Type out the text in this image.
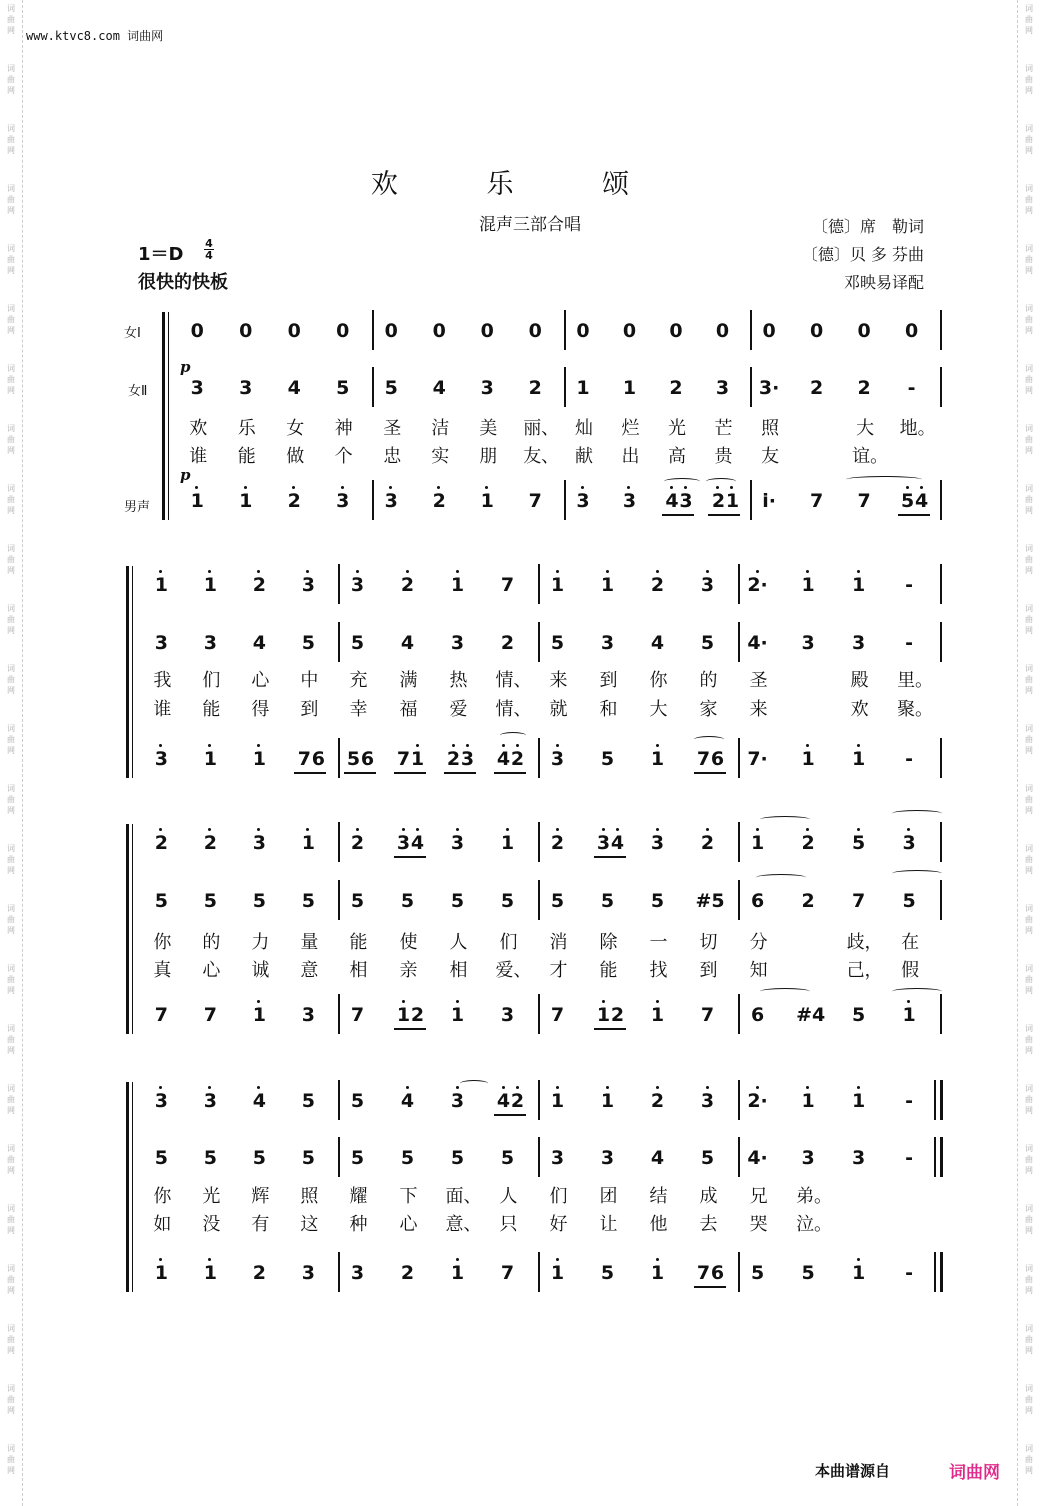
www.ktvc8.com 词曲网
词
曲
网
词
曲
网
词
曲
网
词
曲
网
词
曲
网
词
曲
网
词
曲
网
词
曲
网
词
曲
网
词
曲
网
词
曲
网
词
曲
网
词
曲
网
词
曲
网
词
曲
网
词
曲
网
词
曲
网
词
曲
网
词
曲
网
词
曲
网
词
曲
网
词
曲
网
词
曲
网
词
曲
网
词
曲
网
词
曲
网
词
曲
网
词
曲
网
词
曲
网
词
曲
网
词
曲
网
词
曲
网
词
曲
网
词
曲
网
词
曲
网
词
曲
网
词
曲
网
词
曲
网
词
曲
网
词
曲
网
词
曲
网
词
曲
网
词
曲
网
词
曲
网
词
曲
网
词
曲
网
词
曲
网
词
曲
网
词
曲
网
词
曲
网
欢 乐 颂
混声三部合唱	〔德〕席　勒词
〔德〕贝 多 芬曲
邓映易译配
1＝D
4
4
很快的快板
女Ⅰ
女Ⅱ
男声
p
p
0 0 0 0 0 0 0 0 0 0 0 0 0 0 0 0
3 3 4 5 5 4 3 2 1 1 2 3 3· 2 2	-
1 1 2 3 3 2 1 7 3 3 4 3 2 1 i· 7 7 5 4
欢 乐 女 神 圣 洁 美 丽、 灿 烂 光 芒 照	大 地。
谁 能 做 个 忠 实 朋 友、 献 出 高 贵 友	谊。
1 1 2 3 3 2 1 7 1 1 2 3 2· 1 1	-
3 3 4 5 5 4 3 2 5 3 4 5 4· 3 3	-
3 1 1 7 6 5 6 7 1 2 3 4 2 3 5 1 7 6 7· 1 1	-
我 们 心 中 充 满 热 情、 来 到 你 的 圣	殿 里。
谁 能 得 到 幸 福 爱 情、 就 和 大 家 来	欢 聚。
2 2 3 1 2 3 4 3 1 2 3 4 3 2 1 2 5 3
5 5 5 5 5 5 5 5 5 5 5 #5 6 2 7 5
7 7 1 3 7 1 2 1 3 7 1 2 1 7 6 #4 5 1
你 的 力 量 能 使 人 们 消 除 一 切 分	歧， 在
真 心 诚 意 相 亲 相 爱、 才 能 找 到 知	己， 假
3 3 4 5 5 4 3 4 2 1 1 2 3 2· 1 1	-
5 5 5 5 5 5 5 5 3 3 4 5 4· 3 3	-
1 1 2 3 3 2 1 7 1 5 1 7 6 5 5 1	-
你 光 辉 照 耀 下 面、 人 们 团 结 成 兄 弟。
如 没 有 这 种 心 意、 只 好 让 他 去 哭 泣。
本曲谱源自	词曲网
